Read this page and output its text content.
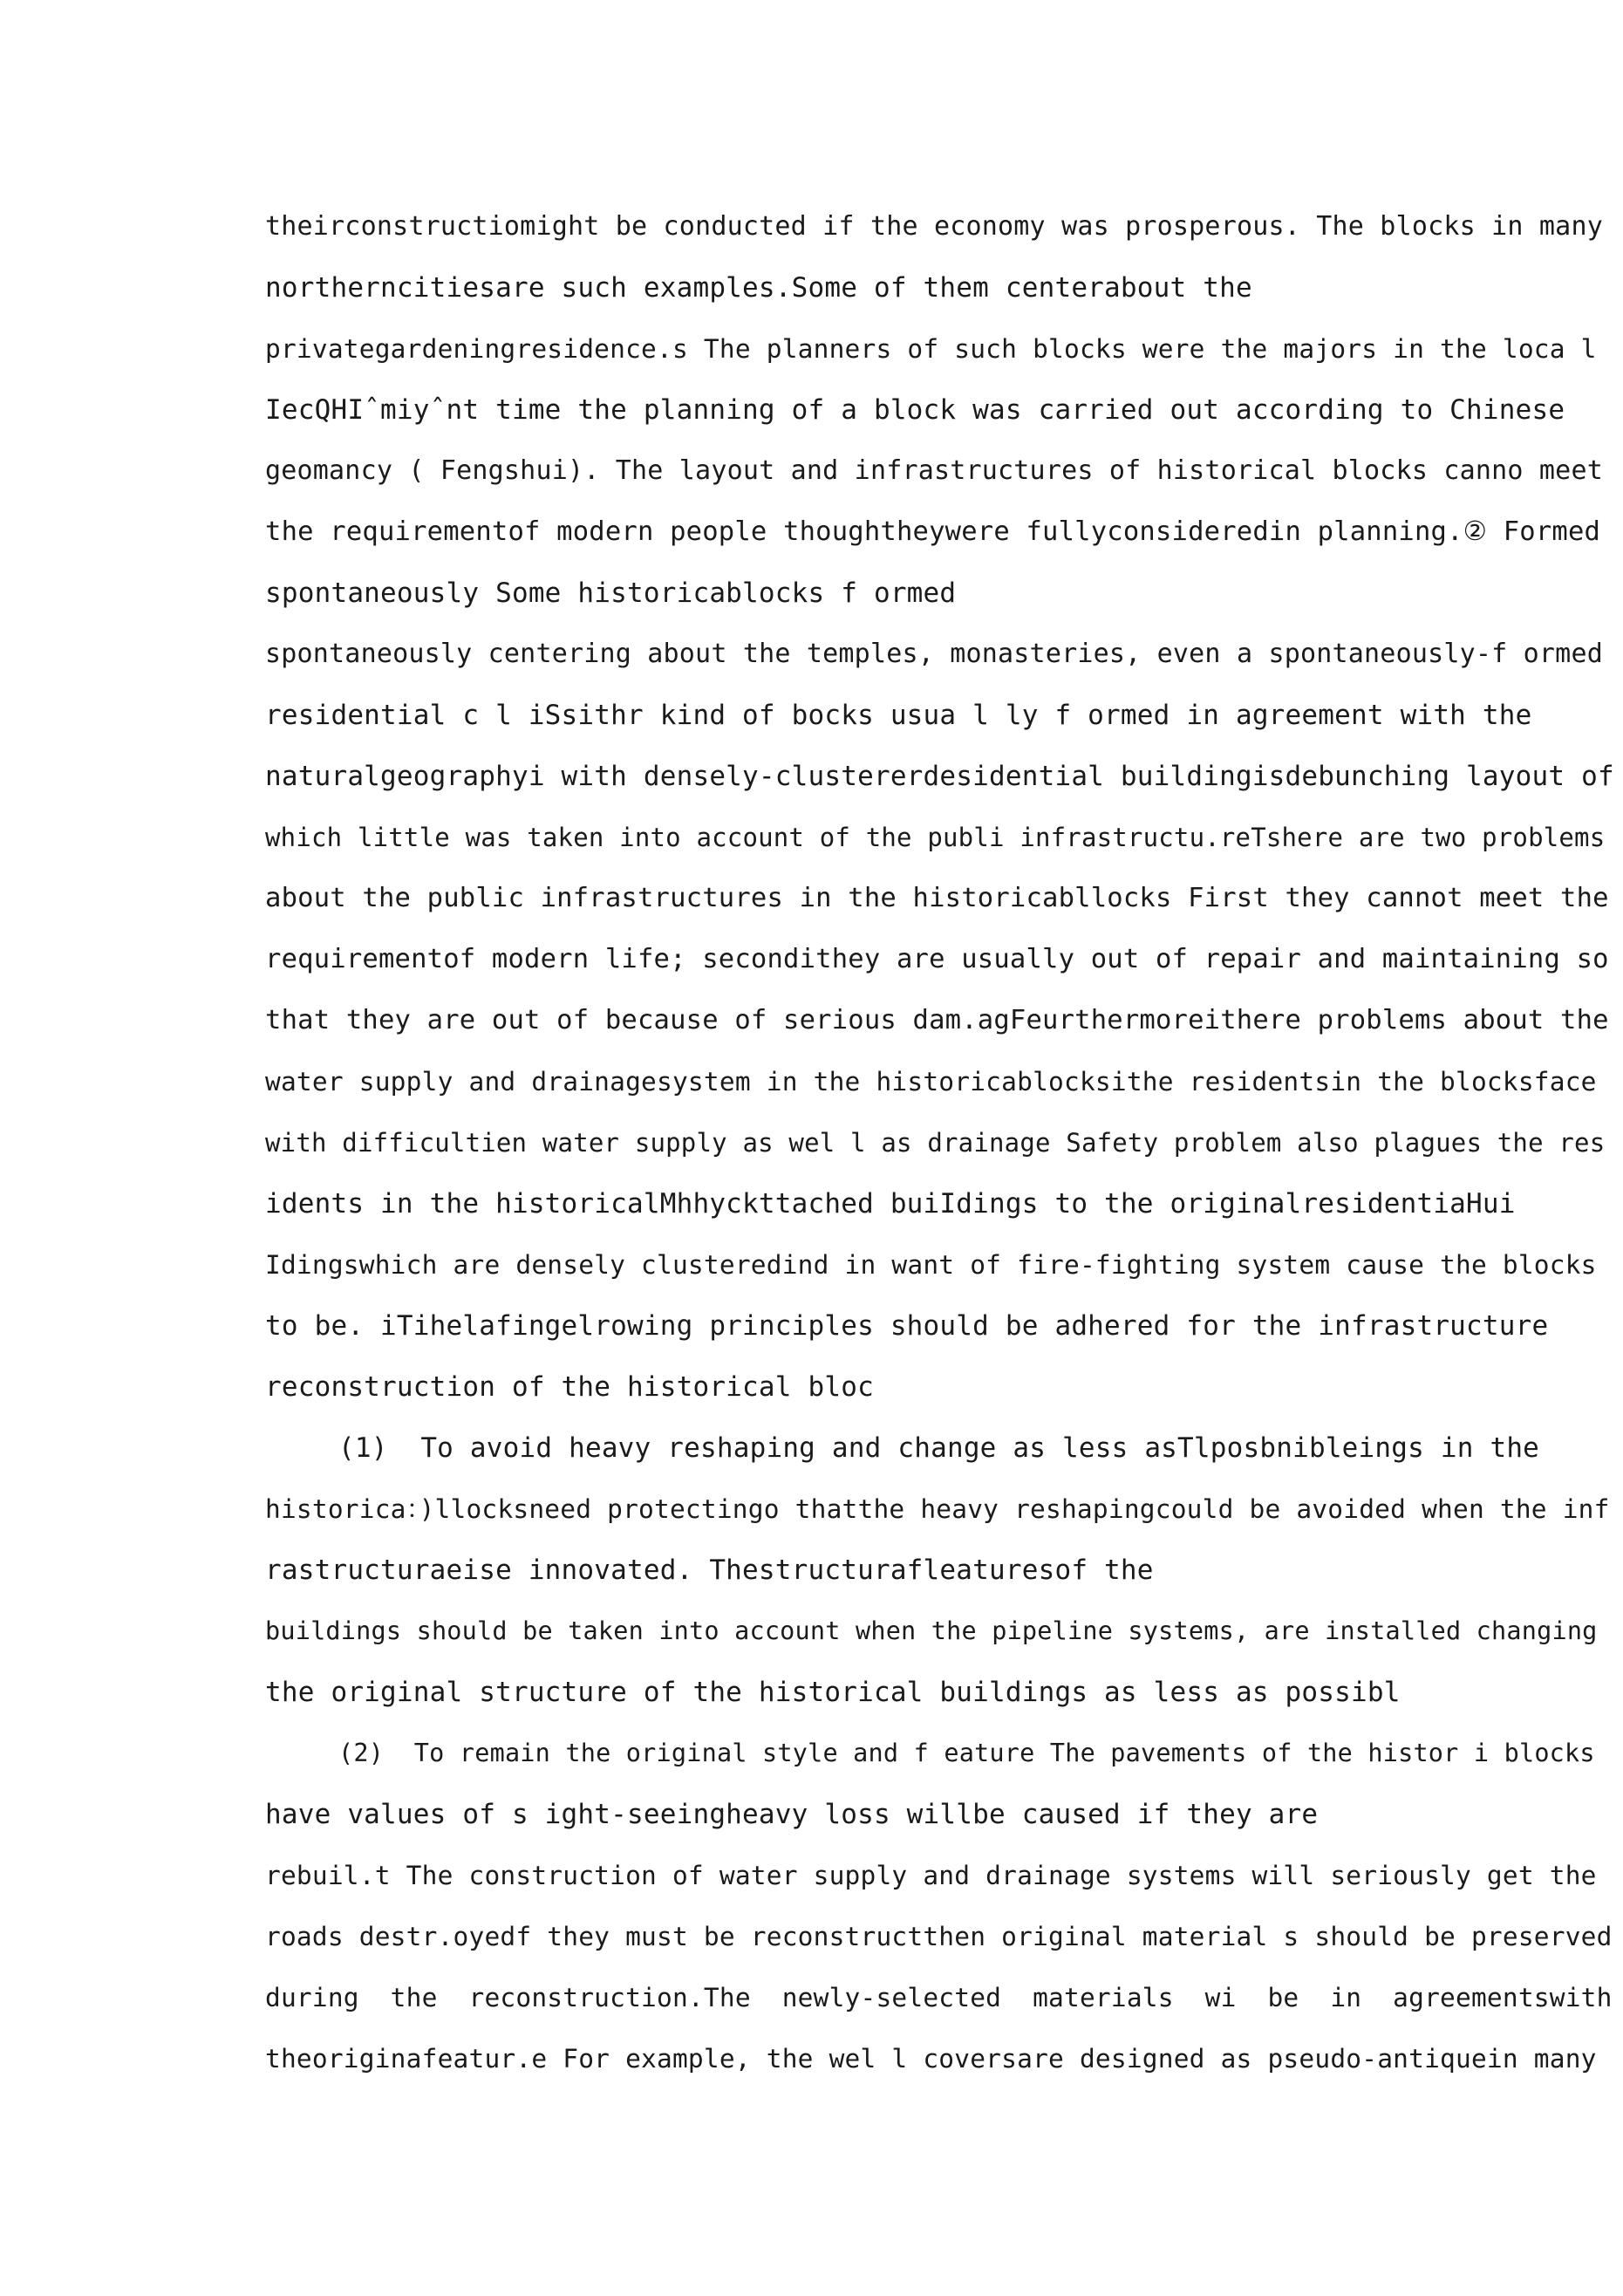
theirconstructiomight be conducted if the economy was prosperous. The blocks in many
northerncitiesare such examples.Some of them centerabout the
privategardeningresidence.s The planners of such blocks were the majors in the loca l
IecQHIˆmiyˆnt time the planning of a block was carried out according to Chinese
geomancy ( Fengshui). The layout and infrastructures of historical blocks canno meet
the requirementof modern people thoughtheywere fullyconsideredin planning.② Formed
spontaneously Some historicablocks f ormed
spontaneously centering about the temples, monasteries, even a spontaneously-f ormed
residential c l iSsithr kind of bocks usua l ly f ormed in agreement with the
naturalgeographyi with densely-clustererdesidential buildingisdebunching layout of
which little was taken into account of the publi infrastructu.reTshere are two problems
about the public infrastructures in the historicabllocks First they cannot meet the
requirementof modern life; secondithey are usually out of repair and maintaining so
that they are out of because of serious dam.agFeurthermoreithere problems about the
water supply and drainagesystem in the historicablocksithe residentsin the blocksface
with difficultien water supply as wel l as drainage Safety problem also plagues the res
idents in the historicalMhhyckttached buiIdings to the originalresidentiaHui
Idingswhich are densely clusteredind in want of fire-fighting system cause the blocks
to be. iTihelafingelrowing principles should be adhered for the infrastructure
reconstruction of the historical bloc
(1)  To avoid heavy reshaping and change as less asTlposbnibleings in the
historica：)llocksneed protectingo thatthe heavy reshapingcould be avoided when the inf
rastructuraeise innovated. Thestructurafleaturesof the
buildings should be taken into account when the pipeline systems, are installed changing
the original structure of the historical buildings as less as possibl
(2)  To remain the original style and f eature The pavements of the histor i blocks
have values of s ight-seeingheavy loss willbe caused if they are
rebuil.t The construction of water supply and drainage systems will seriously get the
roads destr.oyedf they must be reconstructthen original material s should be preserved
during  the  reconstruction.The  newly-selected  materials  wi  be  in  agreementswith
theoriginafeatur.e For example, the wel l coversare designed as pseudo-antiquein many
